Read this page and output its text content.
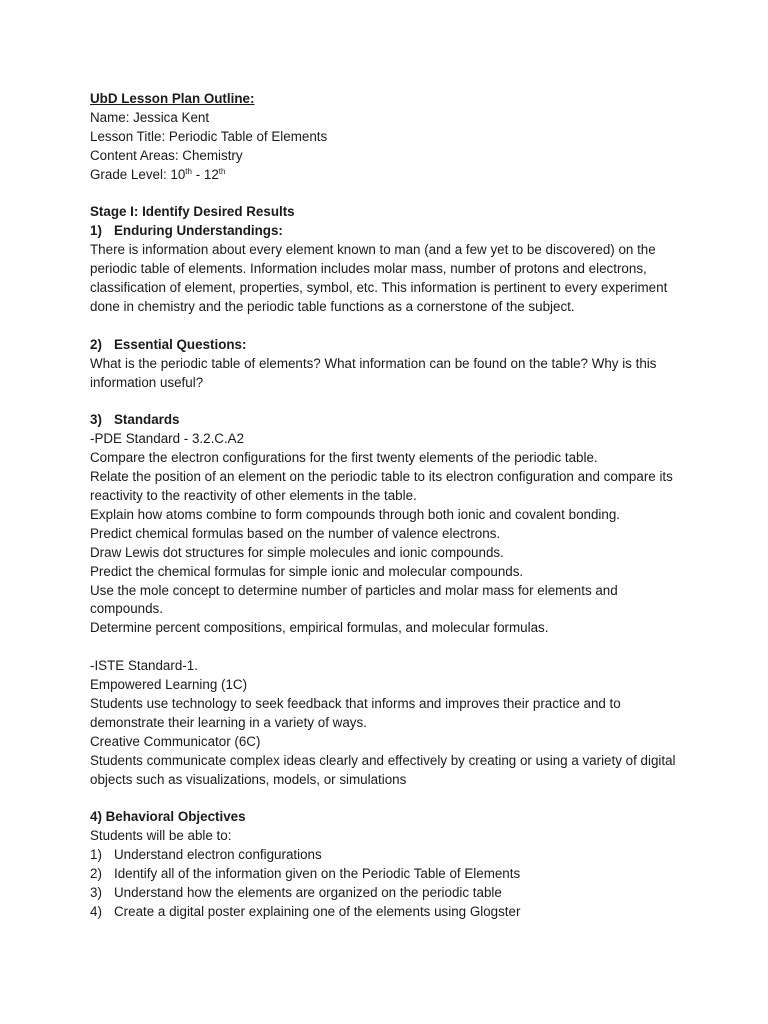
UbD Lesson Plan Outline:

Name: Jessica Kent

Lesson Title: Periodic Table of Elements

Content Areas: Chemistry

Grade Level: 10th - 12th

Stage I: Identify Desired Results

1) Enduring Understandings:

There is information about every element known to man (and a few yet to be discovered) on the periodic table of elements. Information includes molar mass, number of protons and electrons, classification of element, properties, symbol, etc. This information is pertinent to every experiment done in chemistry and the periodic table functions as a cornerstone of the subject.

2) Essential Questions:

What is the periodic table of elements? What information can be found on the table? Why is this information useful?

3) Standards

-PDE Standard - 3.2.C.A2

Compare the electron configurations for the first twenty elements of the periodic table.

Relate the position of an element on the periodic table to its electron configuration and compare its reactivity to the reactivity of other elements in the table.

Explain how atoms combine to form compounds through both ionic and covalent bonding.

Predict chemical formulas based on the number of valence electrons.

Draw Lewis dot structures for simple molecules and ionic compounds.

Predict the chemical formulas for simple ionic and molecular compounds.

Use the mole concept to determine number of particles and molar mass for elements and compounds.

Determine percent compositions, empirical formulas, and molecular formulas.

-ISTE Standard-1.

Empowered Learning (1C)

Students use technology to seek feedback that informs and improves their practice and to demonstrate their learning in a variety of ways.

Creative Communicator (6C)

Students communicate complex ideas clearly and effectively by creating or using a variety of digital objects such as visualizations, models, or simulations

4) Behavioral Objectives

Students will be able to:

1) Understand electron configurations

2) Identify all of the information given on the Periodic Table of Elements

3) Understand how the elements are organized on the periodic table

4) Create a digital poster explaining one of the elements using Glogster
